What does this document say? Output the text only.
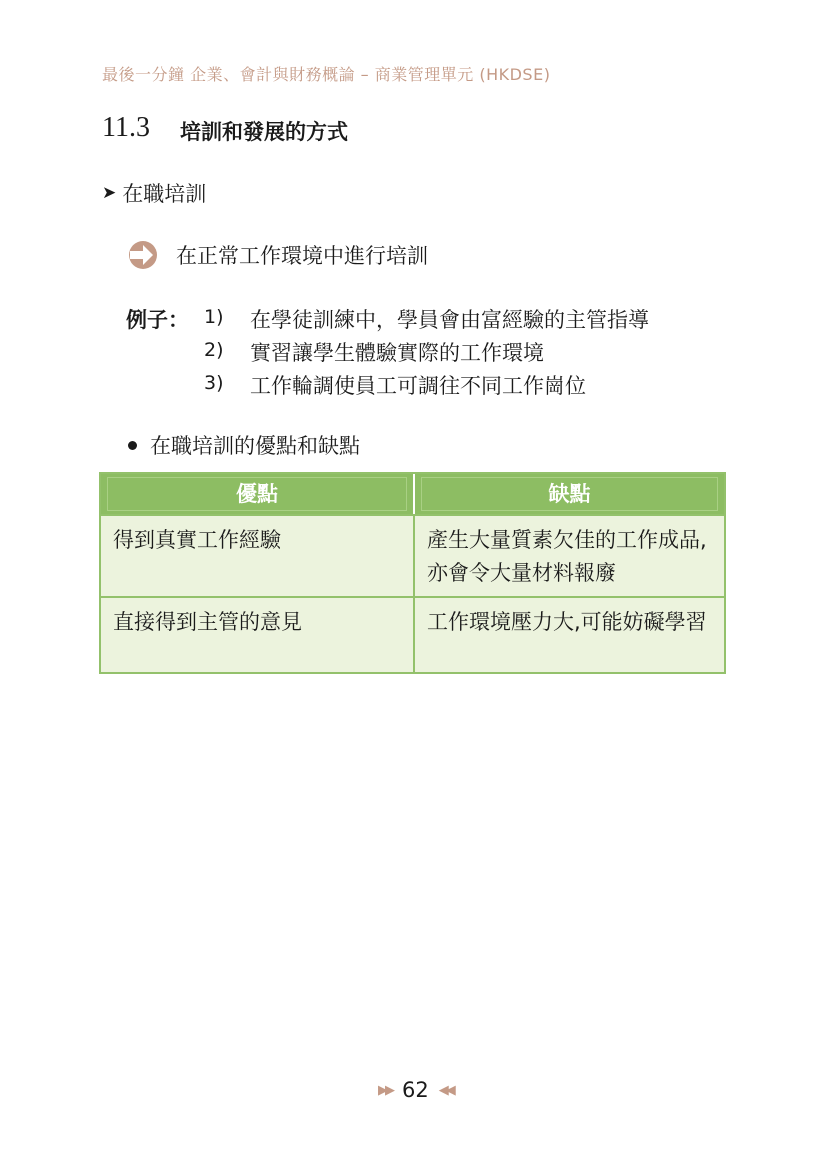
最後一分鐘 企業、會計與財務概論 – 商業管理單元 (HKDSE)
11.3 培訓和發展的方式
➤ 在職培訓
在正常工作環境中進行培訓
例子： 1)	在學徒訓練中，學員會由富經驗的主管指導
2)	實習讓學生體驗實際的工作環境
3)	工作輪調使員工可調往不同工作崗位
在職培訓的優點和缺點
優點	缺點

得到真實工作經驗	產生大量質素欠佳的工作成品,亦會令大量材料報廢
直接得到主管的意見	工作環境壓力大,可能妨礙學習
▶▶ 62 ◀◀
